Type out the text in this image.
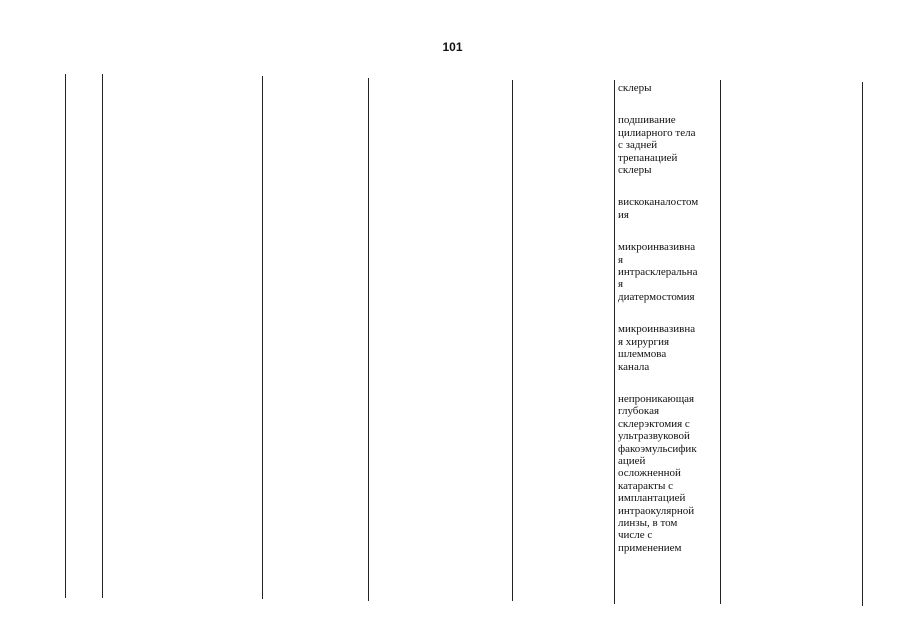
101
склеры
подшивание
цилиарного тела
с задней
трепанацией
склеры
вискоканалостом
ия
микроинвазивна
я
интрасклеральна
я
диатермостомия
микроинвазивна
я хирургия
шлеммова
канала
непроникающая
глубокая
склерэктомия с
ультразвуковой
факоэмульсифик
ацией
осложненной
катаракты с
имплантацией
интраокулярной
линзы, в том
числе с
применением
